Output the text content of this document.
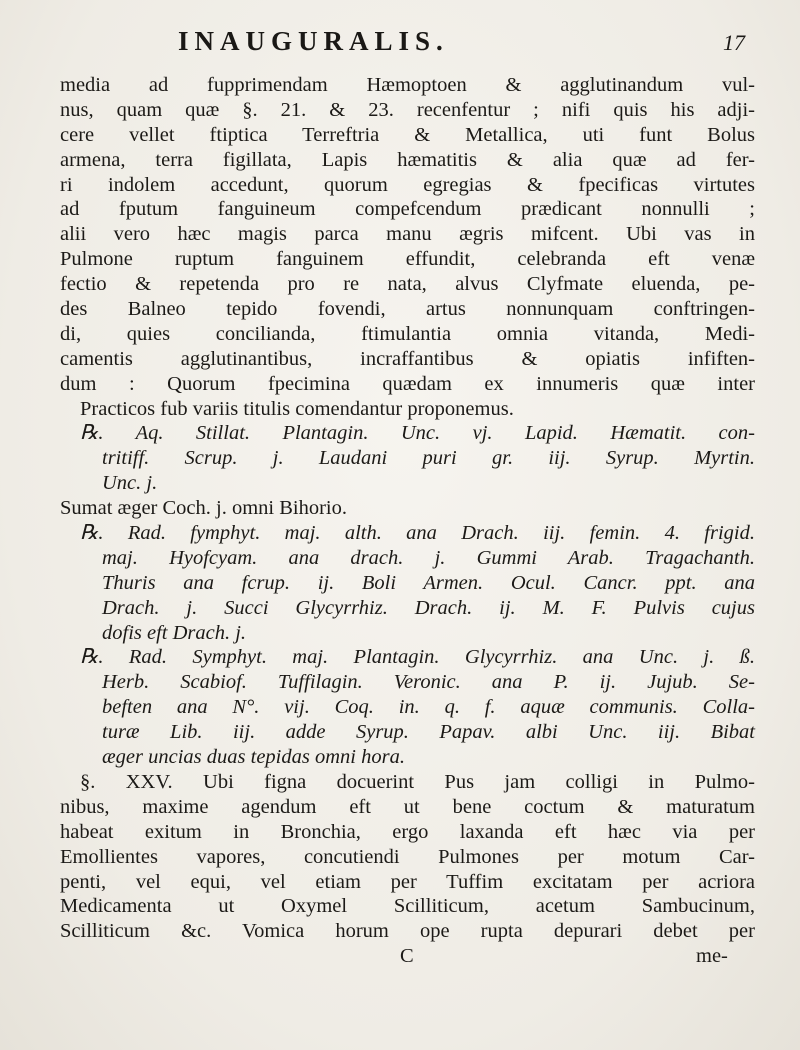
INAUGURALIS.	17
media ad fupprimendam Hæmoptoen & agglutinandum vul-
nus, quam quæ §. 21. & 23. recenfentur ; nifi quis his adji-
cere vellet ftiptica Terreftria & Metallica, uti funt Bolus
armena, terra figillata, Lapis hæmatitis & alia quæ ad fer-
ri indolem accedunt, quorum egregias & fpecificas virtutes
ad fputum fanguineum compefcendum prædicant nonnulli ;
alii vero hæc magis parca manu ægris mifcent. Ubi vas in
Pulmone ruptum fanguinem effundit, celebranda eft venæ
fectio & repetenda pro re nata, alvus Clyfmate eluenda, pe-
des Balneo tepido fovendi, artus nonnunquam conftringen-
di, quies concilianda, ftimulantia omnia vitanda, Medi-
camentis agglutinantibus, incraffantibus & opiatis infiften-
dum : Quorum fpecimina quædam ex innumeris quæ inter
Practicos fub variis titulis comendantur proponemus.
℞. Aq. Stillat. Plantagin. Unc. vj. Lapid. Hæmatit. con-
tritiff. Scrup. j. Laudani puri gr. iij. Syrup. Myrtin.
Unc. j.
Sumat æger Coch. j. omni Bihorio.
℞. Rad. fymphyt. maj. alth. ana Drach. iij. femin. 4. frigid.
maj. Hyofcyam. ana drach. j. Gummi Arab. Tragachanth.
Thuris ana fcrup. ij. Boli Armen. Ocul. Cancr. ppt. ana
Drach. j. Succi Glycyrrhiz. Drach. ij. M. F. Pulvis cujus
dofis eft Drach. j.
℞. Rad. Symphyt. maj. Plantagin. Glycyrrhiz. ana Unc. j. ß.
Herb. Scabiof. Tuffilagin. Veronic. ana P. ij. Jujub. Se-
beften ana N°. vij. Coq. in. q. f. aquæ communis. Colla-
turæ Lib. iij. adde Syrup. Papav. albi Unc. iij. Bibat
æger uncias duas tepidas omni hora.
§. XXV. Ubi figna docuerint Pus jam colligi in Pulmo-
nibus, maxime agendum eft ut bene coctum & maturatum
habeat exitum in Bronchia, ergo laxanda eft hæc via per
Emollientes vapores, concutiendi Pulmones per motum Car-
penti, vel equi, vel etiam per Tuffim excitatam per acriora
Medicamenta ut Oxymel Scilliticum, acetum Sambucinum,
Scilliticum &c. Vomica horum ope rupta depurari debet per
C	me-
